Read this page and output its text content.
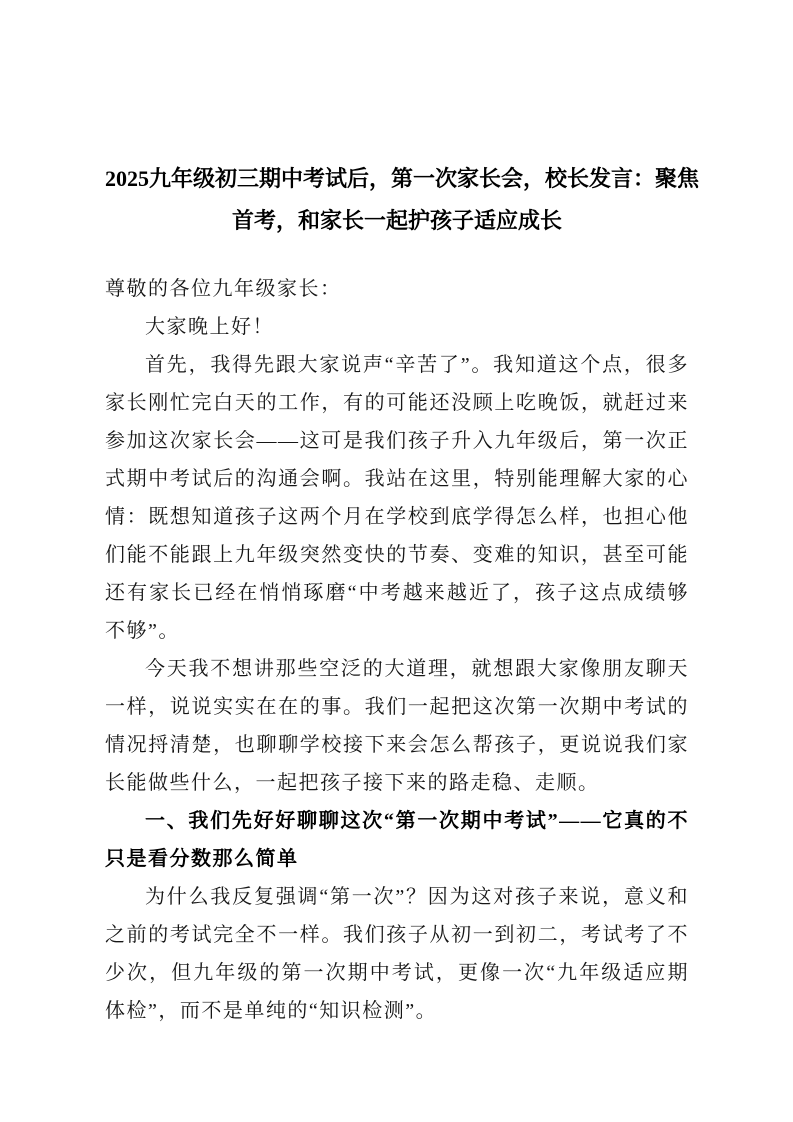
2025九年级初三期中考试后，第一次家长会，校长发言：聚焦
首考，和家长一起护孩子适应成长

尊敬的各位九年级家长：

大家晚上好！

首先，我得先跟大家说声“辛苦了”。我知道这个点，很多家长刚忙完白天的工作，有的可能还没顾上吃晚饭，就赶过来参加这次家长会——这可是我们孩子升入九年级后，第一次正式期中考试后的沟通会啊。我站在这里，特别能理解大家的心情：既想知道孩子这两个月在学校到底学得怎么样，也担心他们能不能跟上九年级突然变快的节奏、变难的知识，甚至可能还有家长已经在悄悄琢磨“中考越来越近了，孩子这点成绩够不够”。

今天我不想讲那些空泛的大道理，就想跟大家像朋友聊天一样，说说实实在在的事。我们一起把这次第一次期中考试的情况捋清楚，也聊聊学校接下来会怎么帮孩子，更说说我们家长能做些什么，一起把孩子接下来的路走稳、走顺。

一、我们先好好聊聊这次“第一次期中考试”——它真的不只是看分数那么简单

为什么我反复强调“第一次”？因为这对孩子来说，意义和之前的考试完全不一样。我们孩子从初一到初二，考试考了不少次，但九年级的第一次期中考试，更像一次“九年级适应期体检”，而不是单纯的“知识检测”。
